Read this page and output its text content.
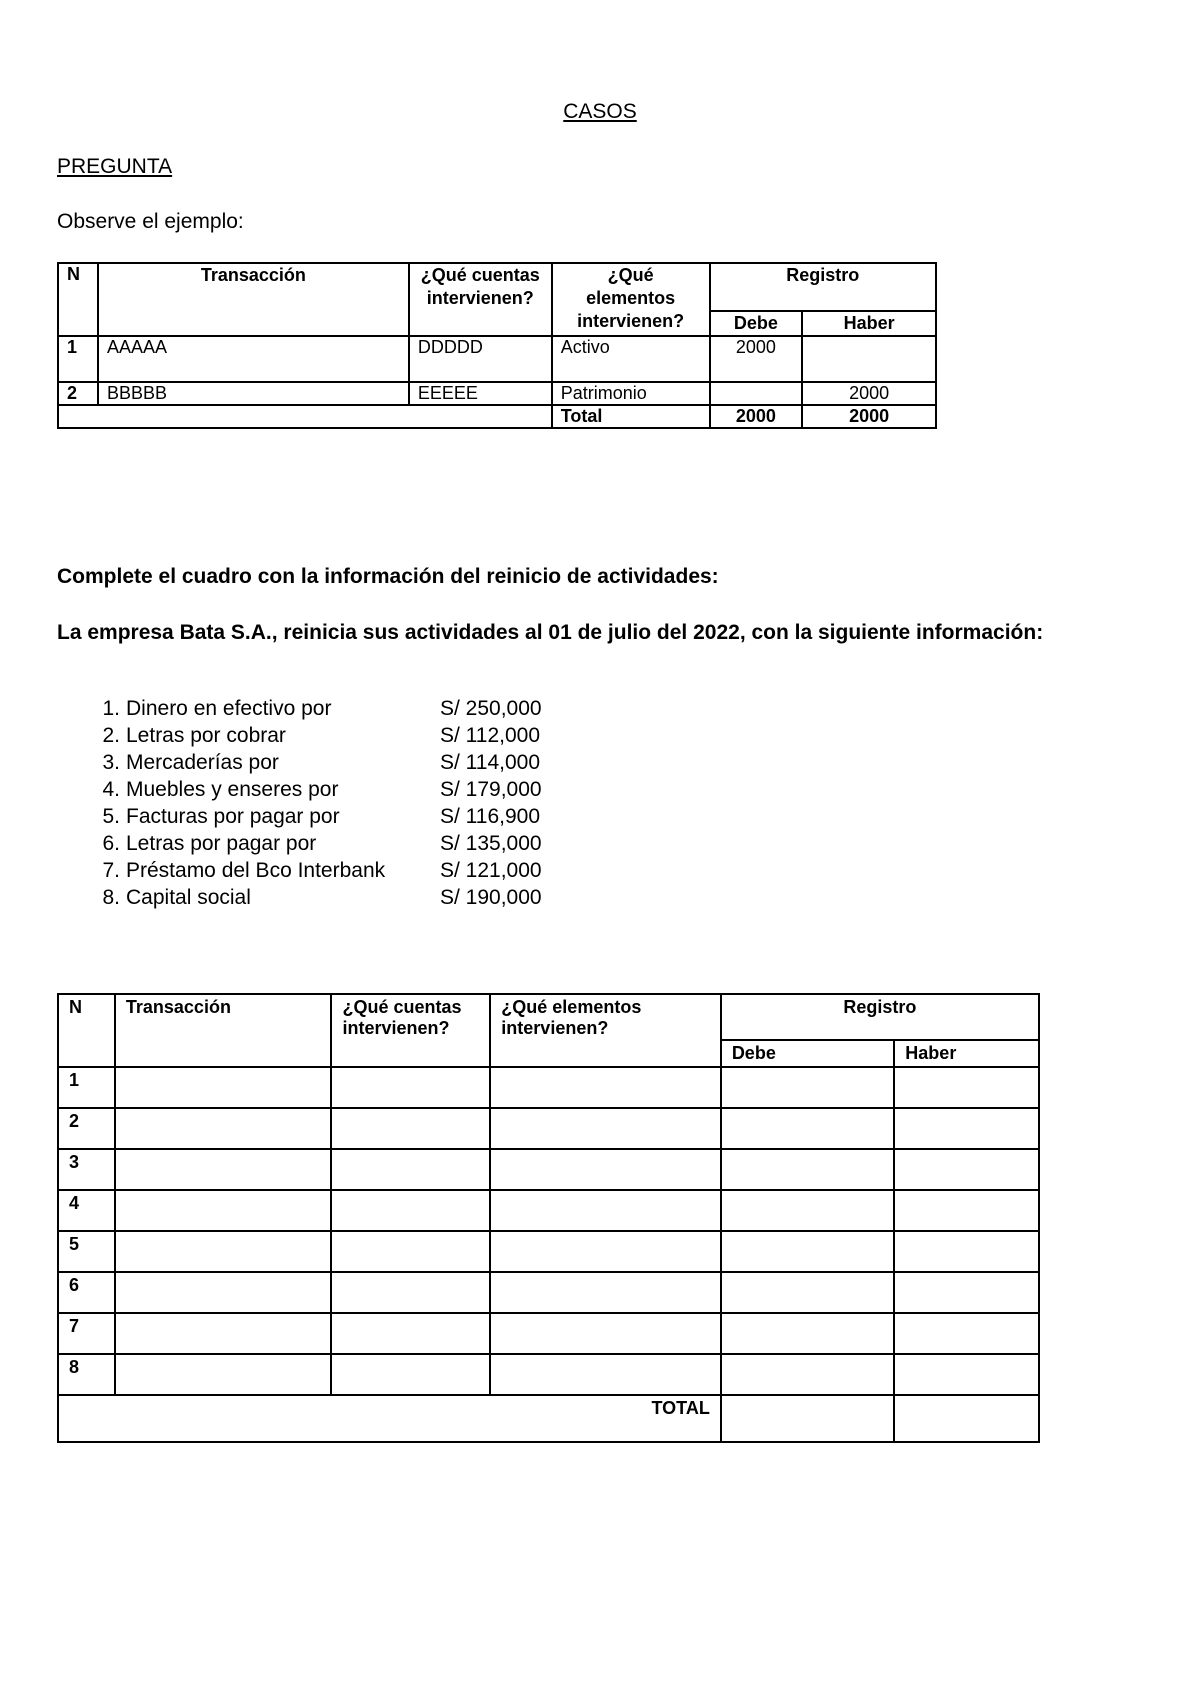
CASOS
PREGUNTA
Observe el ejemplo:
N	Transacción	¿Qué cuentas intervienen?	¿Qué elementos intervienen?	Registro	
				Debe	Haber
1	AAAAA	DDDDD	Activo	2000	
2	BBBBB	EEEEE	Patrimonio		2000
			Total	2000	2000
Complete el cuadro con la información del reinicio de actividades:
La empresa Bata S.A., reinicia sus actividades al 01 de julio del 2022, con la siguiente información:
1. Dinero en efectivo por	S/ 250,000
2. Letras por cobrar	S/ 112,000
3. Mercaderías por	S/ 114,000
4. Muebles y enseres por	S/ 179,000
5. Facturas por pagar por	S/ 116,900
6. Letras por pagar por	S/ 135,000
7. Préstamo del Bco Interbank	S/ 121,000
8. Capital social	S/ 190,000
N	Transacción	¿Qué cuentas intervienen?	¿Qué elementos intervienen?	Registro	
				Debe	Haber
1					
2					
3					
4					
5					
6					
7					
8					
TOTAL					
